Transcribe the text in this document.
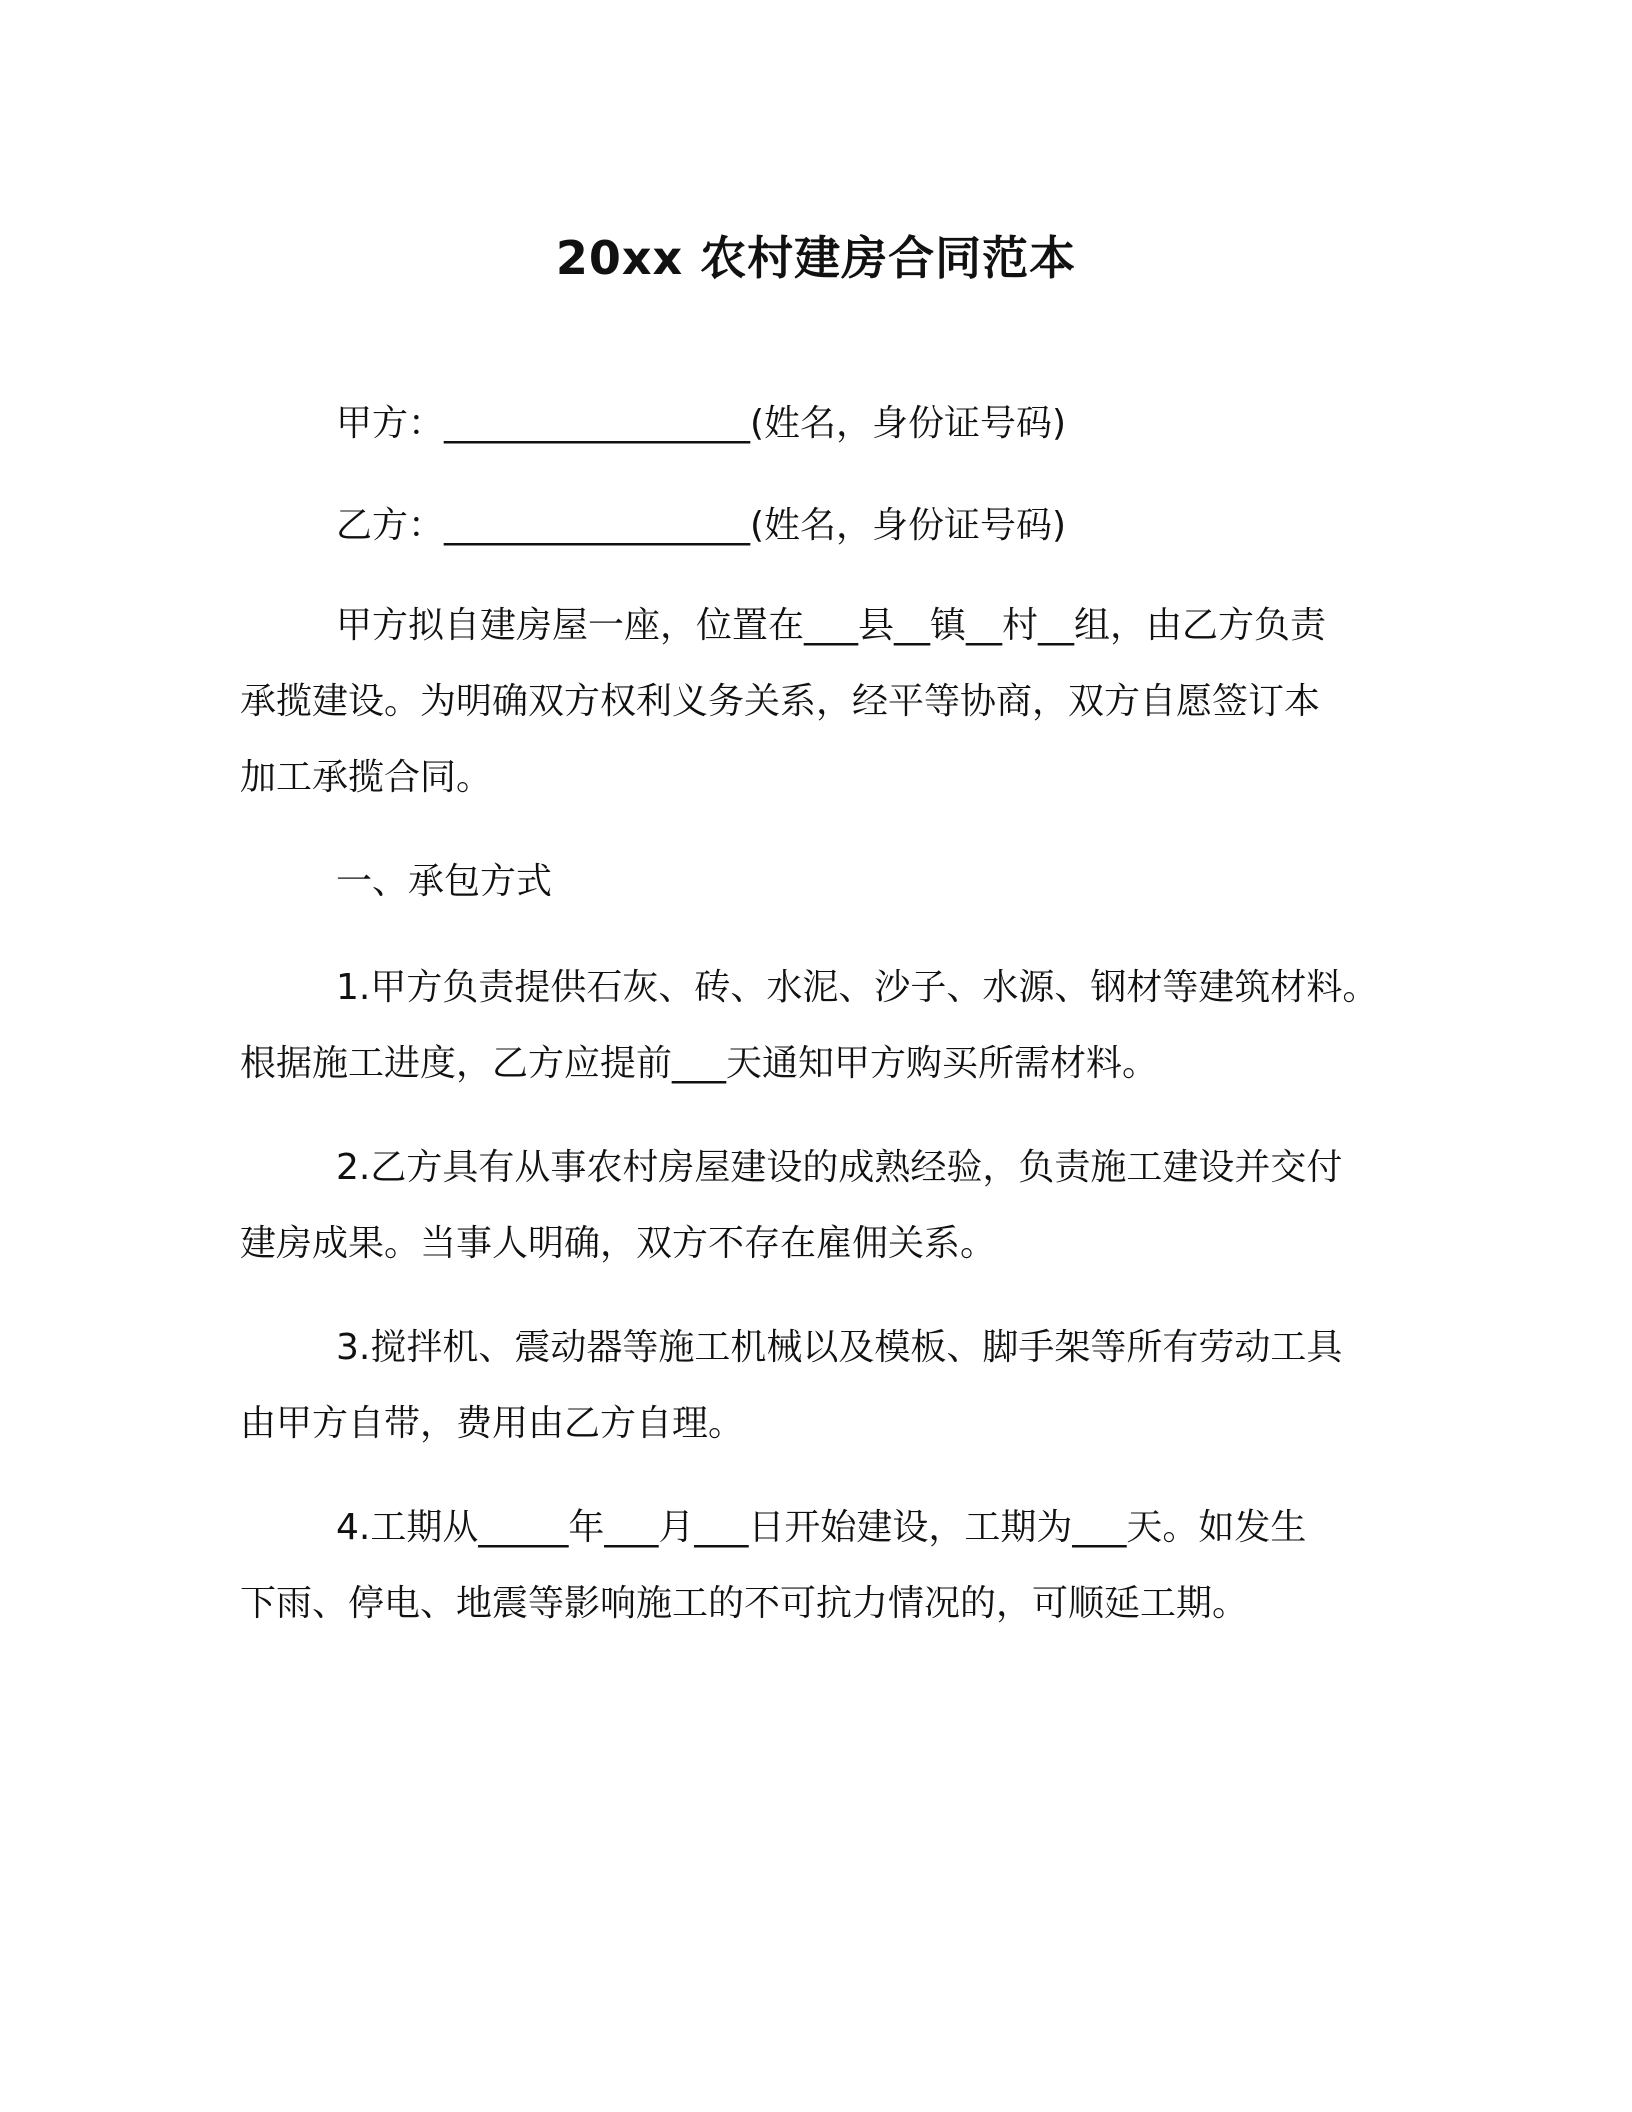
20xx 农村建房合同范本
甲方：_________________(姓名，身份证号码)
乙方：_________________(姓名，身份证号码)
甲方拟自建房屋一座，位置在___县__镇__村__组，由乙方负责
承揽建设。为明确双方权利义务关系，经平等协商，双方自愿签订本
加工承揽合同。
一、承包方式
1.甲方负责提供石灰、砖、水泥、沙子、水源、钢材等建筑材料。
根据施工进度，乙方应提前___天通知甲方购买所需材料。
2.乙方具有从事农村房屋建设的成熟经验，负责施工建设并交付
建房成果。当事人明确，双方不存在雇佣关系。
3.搅拌机、震动器等施工机械以及模板、脚手架等所有劳动工具
由甲方自带，费用由乙方自理。
4.工期从_____年___月___日开始建设，工期为___天。如发生
下雨、停电、地震等影响施工的不可抗力情况的，可顺延工期。
